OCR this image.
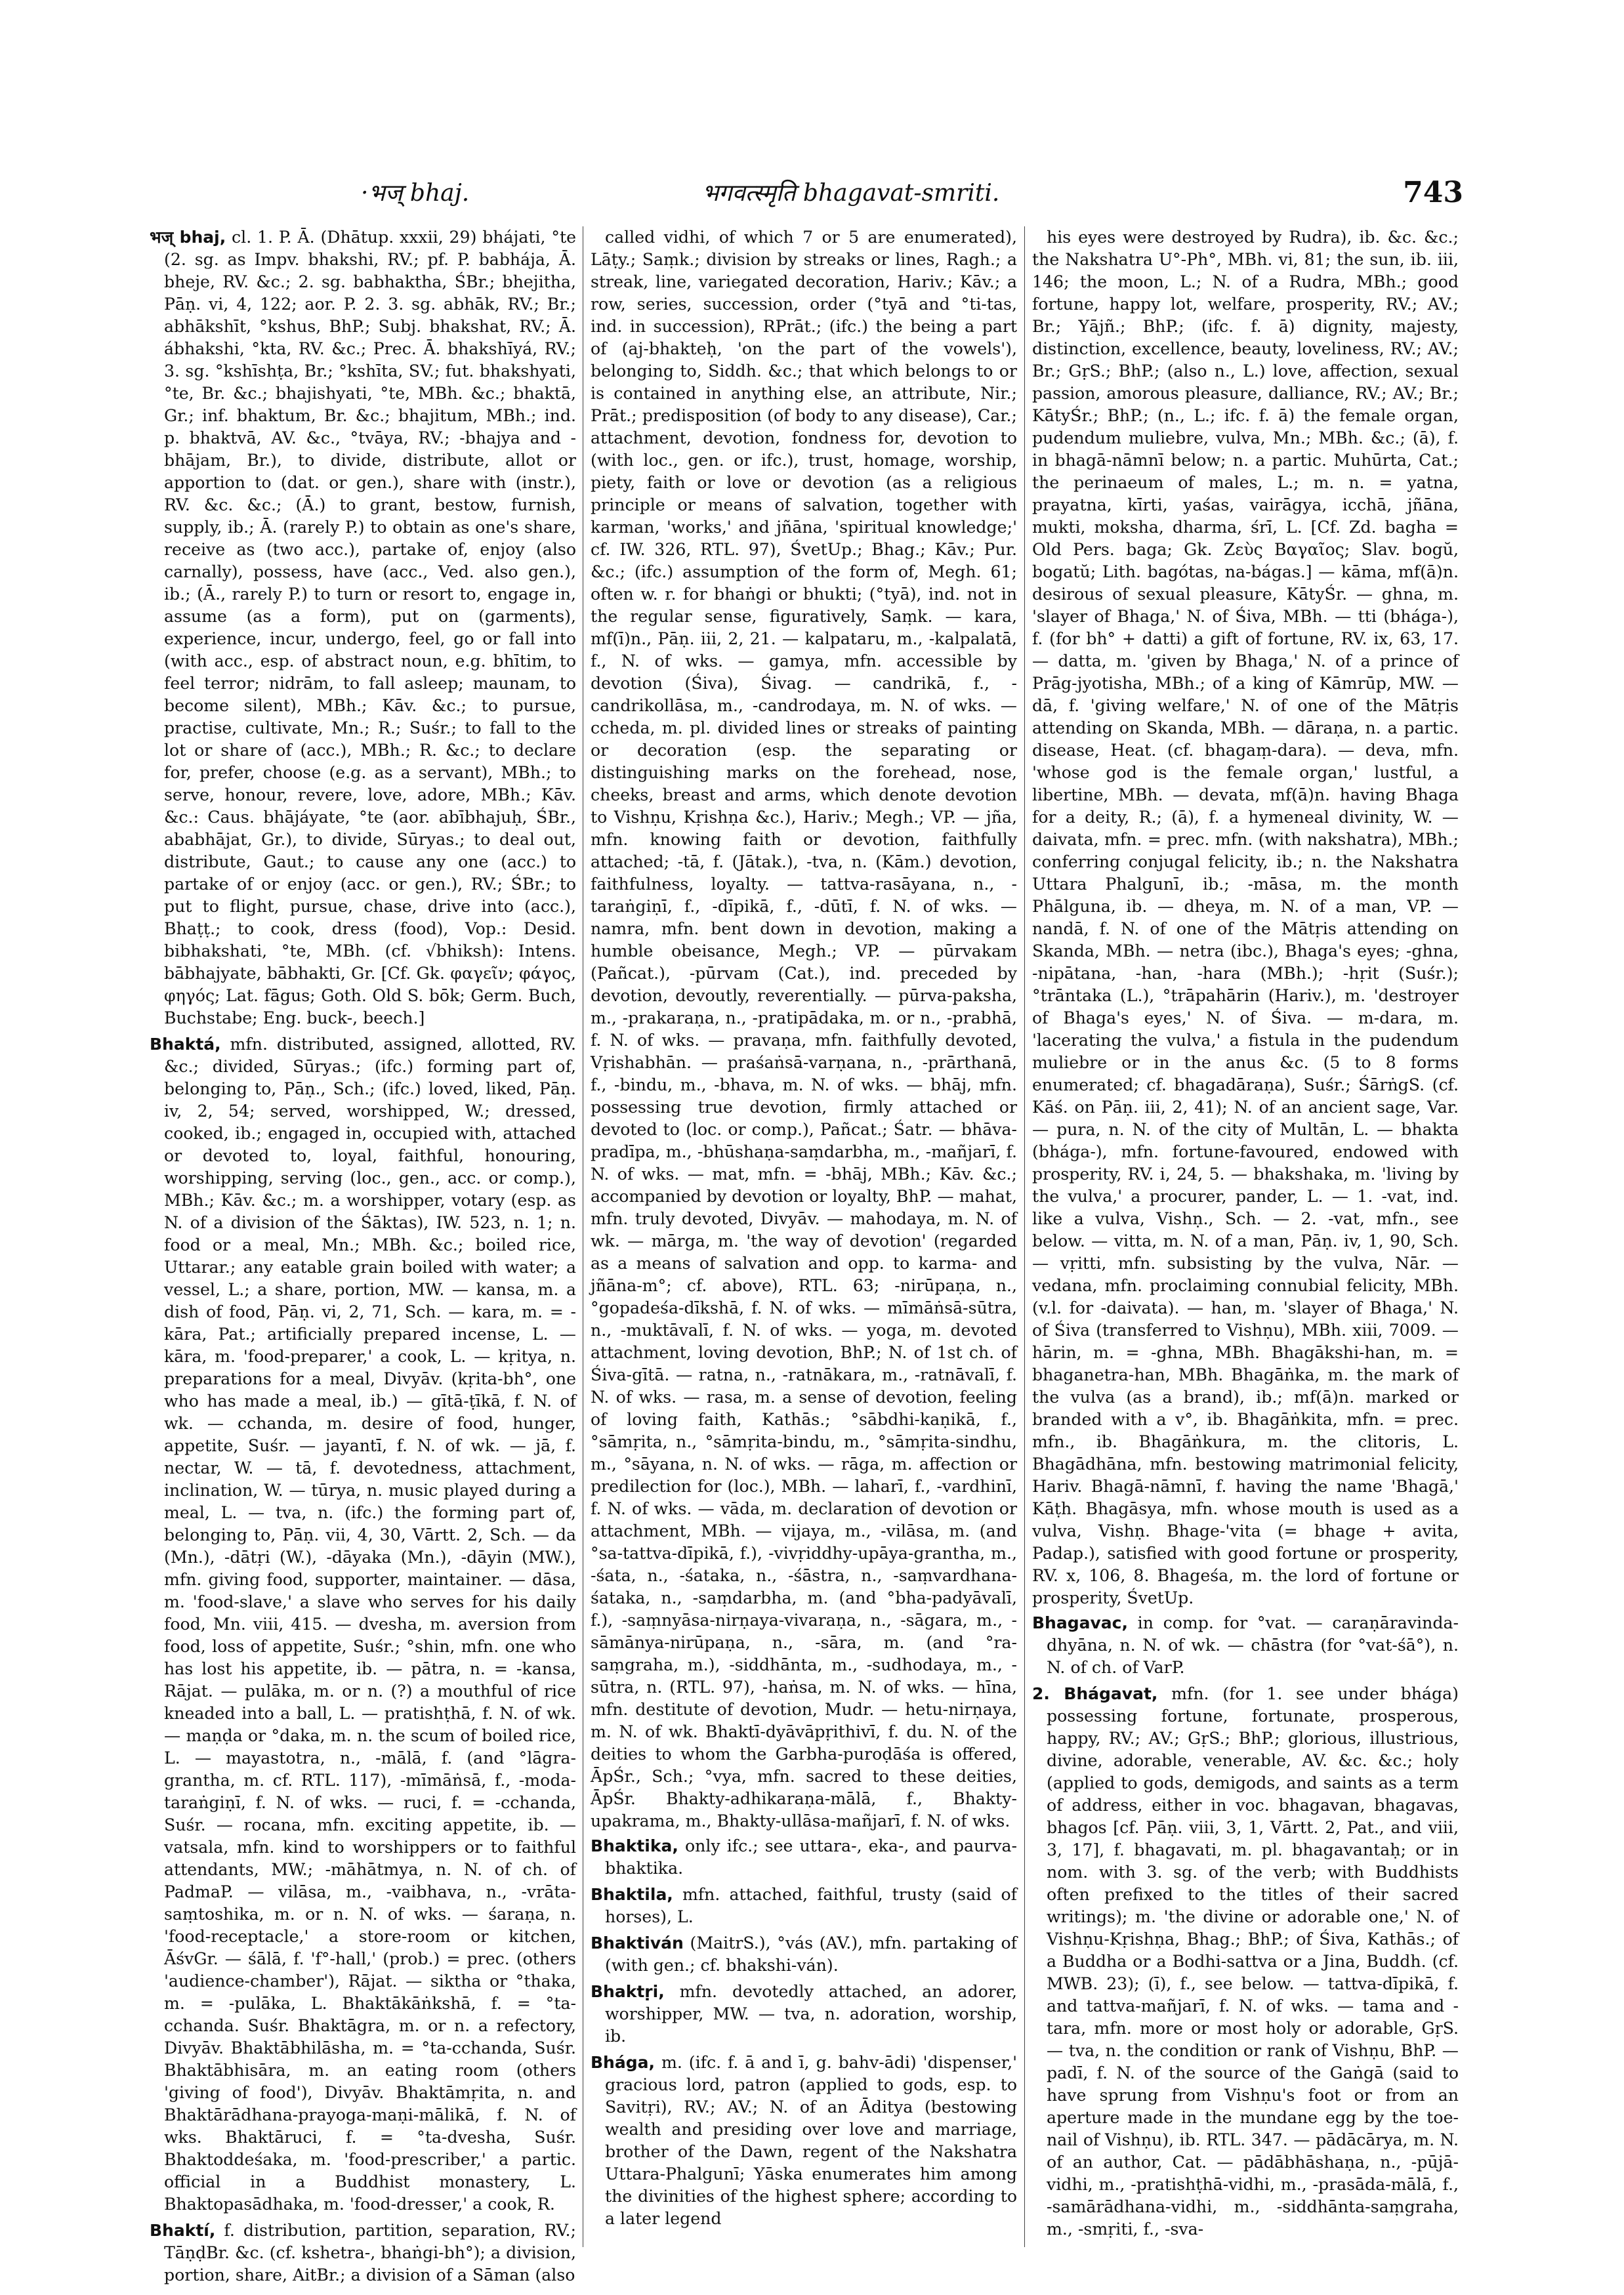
·भज् bhaj.	भगवत्स्मृति bhagavat-smriti.	743

भज् bhaj, cl. 1. P. Ā. (Dhātup. xxxii, 29) bhájati, °te (2. sg. as Impv. bhakshi, RV.; pf. P. babhája, Ā. bheje, RV. &c.; 2. sg. babhaktha, ŚBr.; bhejitha, Pāṇ. vi, 4, 122; aor. P. 2. 3. sg. abhāk, RV.; Br.; abhākshīt, °kshus, BhP.; Subj. bhakshat, RV.; Ā. ábhakshi, °kta, RV. &c.; Prec. Ā. bhakshīyá, RV.; 3. sg. °kshīshṭa, Br.; °kshīta, SV.; fut. bhakshyati, °te, Br. &c.; bhajishyati, °te, MBh. &c.; bhaktā, Gr.; inf. bhaktum, Br. &c.; bhajitum, MBh.; ind. p. bhaktvā, AV. &c., °tvāya, RV.; -bhajya and -bhājam, Br.), to divide, distribute, allot or apportion to (dat. or gen.), share with (instr.), RV. &c. &c.; (Ā.) to grant, bestow, furnish, supply, ib.; Ā. (rarely P.) to obtain as one's share, receive as (two acc.), partake of, enjoy (also carnally), possess, have (acc., Ved. also gen.), ib.; (Ā., rarely P.) to turn or resort to, engage in, assume (as a form), put on (garments), experience, incur, undergo, feel, go or fall into (with acc., esp. of abstract noun, e.g. bhītim, to feel terror; nidrām, to fall asleep; maunam, to become silent), MBh.; Kāv. &c.; to pursue, practise, cultivate, Mn.; R.; Suśr.; to fall to the lot or share of (acc.), MBh.; R. &c.; to declare for, prefer, choose (e.g. as a servant), MBh.; to serve, honour, revere, love, adore, MBh.; Kāv. &c.: Caus. bhājáyate, °te (aor. abībhajuḥ, ŚBr., ababhājat, Gr.), to divide, Sūryas.; to deal out, distribute, Gaut.; to cause any one (acc.) to partake of or enjoy (acc. or gen.), RV.; ŚBr.; to put to flight, pursue, chase, drive into (acc.), Bhaṭṭ.; to cook, dress (food), Vop.: Desid. bibhakshati, °te, MBh. (cf. √bhiksh): Intens. bābhajyate, bābhakti, Gr. [Cf. Gk. φαγεῖν; φάγος, φηγός; Lat. fāgus; Goth. Old S. bōk; Germ. Buch, Buchstabe; Eng. buck-, beech.]

Bhaktá, mfn. distributed, assigned, allotted, RV. &c.; divided, Sūryas.; (ifc.) forming part of, belonging to, Pāṇ., Sch.; (ifc.) loved, liked, Pāṇ. iv, 2, 54; served, worshipped, W.; dressed, cooked, ib.; engaged in, occupied with, attached or devoted to, loyal, faithful, honouring, worshipping, serving (loc., gen., acc. or comp.), MBh.; Kāv. &c.; m. a worshipper, votary (esp. as N. of a division of the Śāktas), IW. 523, n. 1; n. food or a meal, Mn.; MBh. &c.; boiled rice, Uttarar.; any eatable grain boiled with water; a vessel, L.; a share, portion, MW. — kansa, m. a dish of food, Pāṇ. vi, 2, 71, Sch. — kara, m. = -kāra, Pat.; artificially prepared incense, L. — kāra, m. 'food-preparer,' a cook, L. — kṛitya, n. preparations for a meal, Divyāv. (kṛita-bh°, one who has made a meal, ib.) — gītā-ṭīkā, f. N. of wk. — cchanda, m. desire of food, hunger, appetite, Suśr. — jayantī, f. N. of wk. — jā, f. nectar, W. — tā, f. devotedness, attachment, inclination, W. — tūrya, n. music played during a meal, L. — tva, n. (ifc.) the forming part of, belonging to, Pāṇ. vii, 4, 30, Vārtt. 2, Sch. — da (Mn.), -dātṛi (W.), -dāyaka (Mn.), -dāyin (MW.), mfn. giving food, supporter, maintainer. — dāsa, m. 'food-slave,' a slave who serves for his daily food, Mn. viii, 415. — dvesha, m. aversion from food, loss of appetite, Suśr.; °shin, mfn. one who has lost his appetite, ib. — pātra, n. = -kansa, Rājat. — pulāka, m. or n. (?) a mouthful of rice kneaded into a ball, L. — pratishṭhā, f. N. of wk. — maṇḍa or °daka, m. n. the scum of boiled rice, L. — mayastotra, n., -mālā, f. (and °lāgra-grantha, m. cf. RTL. 117), -mīmāṅsā, f., -moda-taraṅgiṇī, f. N. of wks. — ruci, f. = -cchanda, Suśr. — rocana, mfn. exciting appetite, ib. — vatsala, mfn. kind to worshippers or to faithful attendants, MW.; -māhātmya, n. N. of ch. of PadmaP. — vilāsa, m., -vaibhava, n., -vrāta-saṃtoshika, m. or n. N. of wks. — śaraṇa, n. 'food-receptacle,' a store-room or kitchen, ĀśvGr. — śālā, f. 'f°-hall,' (prob.) = prec. (others 'audience-chamber'), Rājat. — siktha or °thaka, m. = -pulāka, L. Bhaktākāṅkshā, f. = °ta-cchanda. Suśr. Bhaktāgra, m. or n. a refectory, Divyāv. Bhaktābhilāsha, m. = °ta-cchanda, Suśr. Bhaktābhisāra, m. an eating room (others 'giving of food'), Divyāv. Bhaktāmṛita, n. and Bhaktārādhana-prayoga-maṇi-mālikā, f. N. of wks. Bhaktāruci, f. = °ta-dvesha, Suśr. Bhaktoddeśaka, m. 'food-prescriber,' a partic. official in a Buddhist monastery, L. Bhaktopasādhaka, m. 'food-dresser,' a cook, R.

Bhaktí, f. distribution, partition, separation, RV.; TāṇḍBr. &c. (cf. kshetra-, bhaṅgi-bh°); a division, portion, share, AitBr.; a division of a Sāman (also

called vidhi, of which 7 or 5 are enumerated), Lāṭy.; Saṃk.; division by streaks or lines, Ragh.; a streak, line, variegated decoration, Hariv.; Kāv.; a row, series, succession, order (°tyā and °ti-tas, ind. in succession), RPrāt.; (ifc.) the being a part of (aj-bhakteḥ, 'on the part of the vowels'), belonging to, Siddh. &c.; that which belongs to or is contained in anything else, an attribute, Nir.; Prāt.; predisposition (of body to any disease), Car.; attachment, devotion, fondness for, devotion to (with loc., gen. or ifc.), trust, homage, worship, piety, faith or love or devotion (as a religious principle or means of salvation, together with karman, 'works,' and jñāna, 'spiritual knowledge;' cf. IW. 326, RTL. 97), ŚvetUp.; Bhag.; Kāv.; Pur. &c.; (ifc.) assumption of the form of, Megh. 61; often w. r. for bhaṅgi or bhukti; (°tyā), ind. not in the regular sense, figuratively, Saṃk. — kara, mf(ī)n., Pāṇ. iii, 2, 21. — kalpataru, m., -kalpalatā, f., N. of wks. — gamya, mfn. accessible by devotion (Śiva), Śivag. — candrikā, f., -candrikollāsa, m., -candrodaya, m. N. of wks. — ccheda, m. pl. divided lines or streaks of painting or decoration (esp. the separating or distinguishing marks on the forehead, nose, cheeks, breast and arms, which denote devotion to Vishṇu, Kṛishṇa &c.), Hariv.; Megh.; VP. — jña, mfn. knowing faith or devotion, faithfully attached; -tā, f. (Jātak.), -tva, n. (Kām.) devotion, faithfulness, loyalty. — tattva-rasāyana, n., -taraṅgiṇī, f., -dīpikā, f., -dūtī, f. N. of wks. — namra, mfn. bent down in devotion, making a humble obeisance, Megh.; VP. — pūrvakam (Pañcat.), -pūrvam (Cat.), ind. preceded by devotion, devoutly, reverentially. — pūrva-paksha, m., -prakaraṇa, n., -pratipādaka, m. or n., -prabhā, f. N. of wks. — pravaṇa, mfn. faithfully devoted, Vṛishabhān. — praśaṅsā-varṇana, n., -prārthanā, f., -bindu, m., -bhava, m. N. of wks. — bhāj, mfn. possessing true devotion, firmly attached or devoted to (loc. or comp.), Pañcat.; Śatr. — bhāva-pradīpa, m., -bhūshaṇa-saṃdarbha, m., -mañjarī, f. N. of wks. — mat, mfn. = -bhāj, MBh.; Kāv. &c.; accompanied by devotion or loyalty, BhP. — mahat, mfn. truly devoted, Divyāv. — mahodaya, m. N. of wk. — mārga, m. 'the way of devotion' (regarded as a means of salvation and opp. to karma- and jñāna-m°; cf. above), RTL. 63; -nirūpaṇa, n., °gopadeśa-dīkshā, f. N. of wks. — mīmāṅsā-sūtra, n., -muktāvalī, f. N. of wks. — yoga, m. devoted attachment, loving devotion, BhP.; N. of 1st ch. of Śiva-gītā. — ratna, n., -ratnākara, m., -ratnāvalī, f. N. of wks. — rasa, m. a sense of devotion, feeling of loving faith, Kathās.; °sābdhi-kaṇikā, f., °sāmṛita, n., °sāmṛita-bindu, m., °sāmṛita-sindhu, m., °sāyana, n. N. of wks. — rāga, m. affection or predilection for (loc.), MBh. — laharī, f., -vardhinī, f. N. of wks. — vāda, m. declaration of devotion or attachment, MBh. — vijaya, m., -vilāsa, m. (and °sa-tattva-dīpikā, f.), -vivṛiddhy-upāya-grantha, m., -śata, n., -śataka, n., -śāstra, n., -saṃvardhana-śataka, n., -saṃdarbha, m. (and °bha-padyāvalī, f.), -saṃnyāsa-nirṇaya-vivaraṇa, n., -sāgara, m., -sāmānya-nirūpaṇa, n., -sāra, m. (and °ra-saṃgraha, m.), -siddhānta, m., -sudhodaya, m., -sūtra, n. (RTL. 97), -haṅsa, m. N. of wks. — hīna, mfn. destitute of devotion, Mudr. — hetu-nirṇaya, m. N. of wk. Bhaktī-dyāvāpṛithivī, f. du. N. of the deities to whom the Garbha-puroḍāśa is offered, ĀpŚr., Sch.; °vya, mfn. sacred to these deities, ĀpŚr. Bhakty-adhikaraṇa-mālā, f., Bhakty-upakrama, m., Bhakty-ullāsa-mañjarī, f. N. of wks.

Bhaktika, only ifc.; see uttara-, eka-, and paurva-bhaktika.

Bhaktila, mfn. attached, faithful, trusty (said of horses), L.

Bhaktiván (MaitrS.), °vás (AV.), mfn. partaking of (with gen.; cf. bhakshi-ván).

Bhaktṛi, mfn. devotedly attached, an adorer, worshipper, MW. — tva, n. adoration, worship, ib.

Bhága, m. (ifc. f. ā and ī, g. bahv-ādi) 'dispenser,' gracious lord, patron (applied to gods, esp. to Savitṛi), RV.; AV.; N. of an Āditya (bestowing wealth and presiding over love and marriage, brother of the Dawn, regent of the Nakshatra Uttara-Phalgunī; Yāska enumerates him among the divinities of the highest sphere; according to a later legend

his eyes were destroyed by Rudra), ib. &c. &c.; the Nakshatra U°-Ph°, MBh. vi, 81; the sun, ib. iii, 146; the moon, L.; N. of a Rudra, MBh.; good fortune, happy lot, welfare, prosperity, RV.; AV.; Br.; Yājñ.; BhP.; (ifc. f. ā) dignity, majesty, distinction, excellence, beauty, loveliness, RV.; AV.; Br.; GṛS.; BhP.; (also n., L.) love, affection, sexual passion, amorous pleasure, dalliance, RV.; AV.; Br.; KātyŚr.; BhP.; (n., L.; ifc. f. ā) the female organ, pudendum muliebre, vulva, Mn.; MBh. &c.; (ā), f. in bhagā-nāmnī below; n. a partic. Muhūrta, Cat.; the perinaeum of males, L.; m. n. = yatna, prayatna, kīrti, yaśas, vairāgya, icchā, jñāna, mukti, moksha, dharma, śrī, L. [Cf. Zd. bagha = Old Pers. baga; Gk. Ζεὺς Βαγαῖος; Slav. bogŭ, bogatŭ; Lith. bagótas, na-bágas.] — kāma, mf(ā)n. desirous of sexual pleasure, KātyŚr. — ghna, m. 'slayer of Bhaga,' N. of Śiva, MBh. — tti (bhága-), f. (for bh° + datti) a gift of fortune, RV. ix, 63, 17. — datta, m. 'given by Bhaga,' N. of a prince of Prāg-jyotisha, MBh.; of a king of Kāmrūp, MW. — dā, f. 'giving welfare,' N. of one of the Mātṛis attending on Skanda, MBh. — dāraṇa, n. a partic. disease, Heat. (cf. bhagaṃ-dara). — deva, mfn. 'whose god is the female organ,' lustful, a libertine, MBh. — devata, mf(ā)n. having Bhaga for a deity, R.; (ā), f. a hymeneal divinity, W. — daivata, mfn. = prec. mfn. (with nakshatra), MBh.; conferring conjugal felicity, ib.; n. the Nakshatra Uttara Phalgunī, ib.; -māsa, m. the month Phālguna, ib. — dheya, m. N. of a man, VP. — nandā, f. N. of one of the Mātṛis attending on Skanda, MBh. — netra (ibc.), Bhaga's eyes; -ghna, -nipātana, -han, -hara (MBh.); -hṛit (Suśr.); °trāntaka (L.), °trāpahārin (Hariv.), m. 'destroyer of Bhaga's eyes,' N. of Śiva. — m-dara, m. 'lacerating the vulva,' a fistula in the pudendum muliebre or in the anus &c. (5 to 8 forms enumerated; cf. bhagadāraṇa), Suśr.; ŚārṅgS. (cf. Kāś. on Pāṇ. iii, 2, 41); N. of an ancient sage, Var. — pura, n. N. of the city of Multān, L. — bhakta (bhága-), mfn. fortune-favoured, endowed with prosperity, RV. i, 24, 5. — bhakshaka, m. 'living by the vulva,' a procurer, pander, L. — 1. -vat, ind. like a vulva, Vishṇ., Sch. — 2. -vat, mfn., see below. — vitta, m. N. of a man, Pāṇ. iv, 1, 90, Sch. — vṛitti, mfn. subsisting by the vulva, Nār. — vedana, mfn. proclaiming connubial felicity, MBh. (v.l. for -daivata). — han, m. 'slayer of Bhaga,' N. of Śiva (transferred to Vishṇu), MBh. xiii, 7009. — hārin, m. = -ghna, MBh. Bhagākshi-han, m. = bhaganetra-han, MBh. Bhagāṅka, m. the mark of the vulva (as a brand), ib.; mf(ā)n. marked or branded with a v°, ib. Bhagāṅkita, mfn. = prec. mfn., ib. Bhagāṅkura, m. the clitoris, L. Bhagādhāna, mfn. bestowing matrimonial felicity, Hariv. Bhagā-nāmnī, f. having the name 'Bhagā,' Kāṭh. Bhagāsya, mfn. whose mouth is used as a vulva, Vishṇ. Bhage-'vita (= bhage + avita, Padap.), satisfied with good fortune or prosperity, RV. x, 106, 8. Bhageśa, m. the lord of fortune or prosperity, ŚvetUp.

Bhagavac, in comp. for °vat. — caraṇāravinda-dhyāna, n. N. of wk. — chāstra (for °vat-śā°), n. N. of ch. of VarP.

2. Bhágavat, mfn. (for 1. see under bhága) possessing fortune, fortunate, prosperous, happy, RV.; AV.; GṛS.; BhP.; glorious, illustrious, divine, adorable, venerable, AV. &c. &c.; holy (applied to gods, demigods, and saints as a term of address, either in voc. bhagavan, bhagavas, bhagos [cf. Pāṇ. viii, 3, 1, Vārtt. 2, Pat., and viii, 3, 17], f. bhagavati, m. pl. bhagavantaḥ; or in nom. with 3. sg. of the verb; with Buddhists often prefixed to the titles of their sacred writings); m. 'the divine or adorable one,' N. of Vishṇu-Kṛishṇa, Bhag.; BhP.; of Śiva, Kathās.; of a Buddha or a Bodhi-sattva or a Jina, Buddh. (cf. MWB. 23); (ī), f., see below. — tattva-dīpikā, f. and tattva-mañjarī, f. N. of wks. — tama and -tara, mfn. more or most holy or adorable, GṛS. — tva, n. the condition or rank of Vishṇu, BhP. — padī, f. N. of the source of the Gaṅgā (said to have sprung from Vishṇu's foot or from an aperture made in the mundane egg by the toe-nail of Vishṇu), ib. RTL. 347. — pādācārya, m. N. of an author, Cat. — pādābhāshaṇa, n., -pūjā-vidhi, m., -pratishṭhā-vidhi, m., -prasāda-mālā, f., -samārādhana-vidhi, m., -siddhānta-saṃgraha, m., -smṛiti, f., -sva-
